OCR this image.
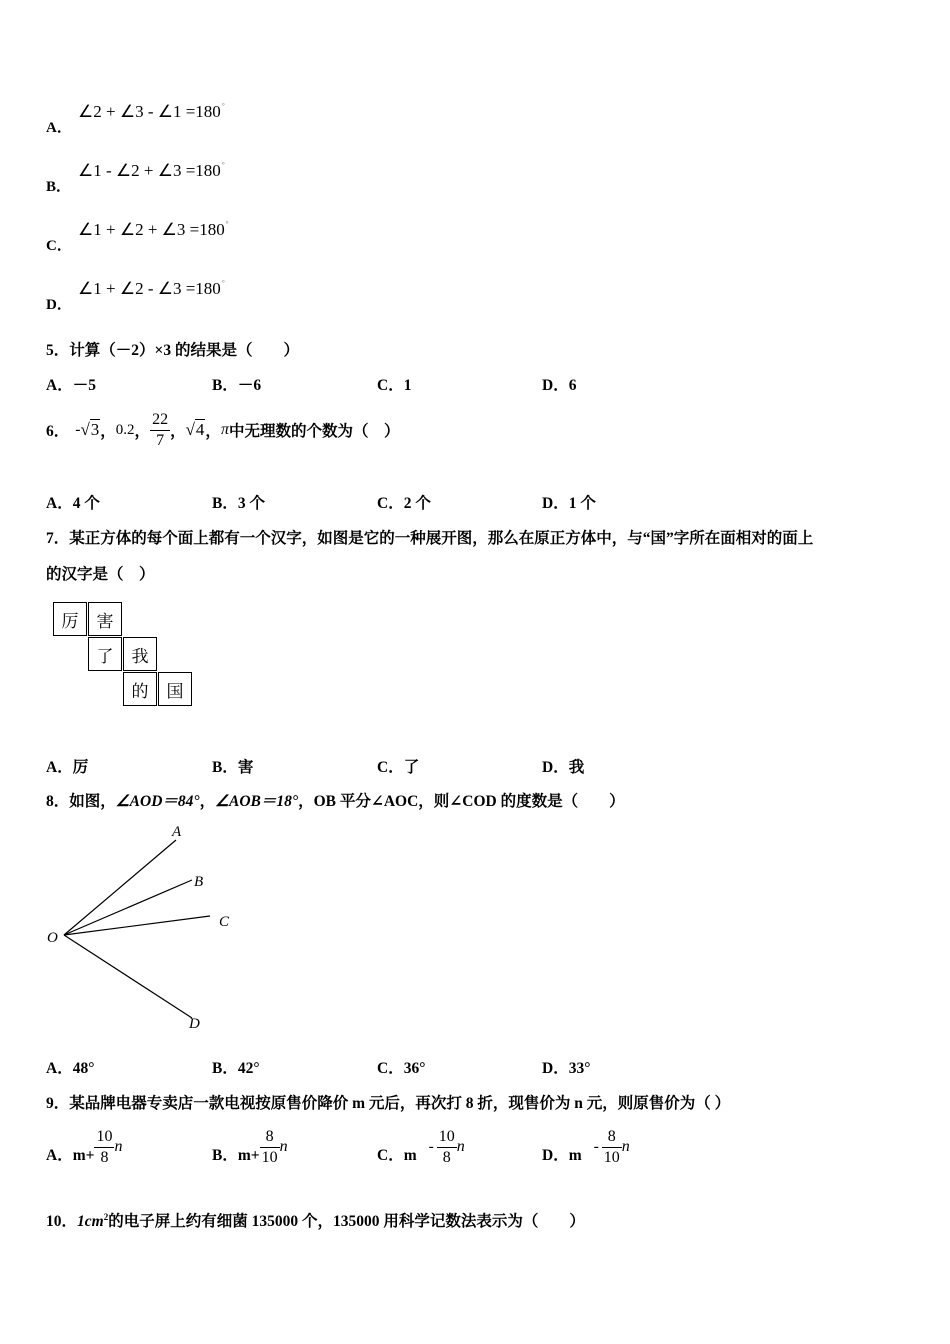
A．
∠2 + ∠3 - ∠1 =180°
B．
∠1 - ∠2 + ∠3 =180°
C．
∠1 + ∠2 + ∠3 =180°
D．
∠1 + ∠2 - ∠3 =180°
5．计算（－2）×3 的结果是（　　）
A．－5	B．－6	C．1	D．6
6． - √3 ， 0.2 ， $\frac{22}{7}$ ， √4 ， π 中无理数的个数为（　）
A．4 个	B．3 个	C．2 个	D．1 个
7．某正方体的每个面上都有一个汉字，如图是它的一种展开图，那么在原正方体中，与“国”字所在面相对的面上
的汉字是（　）
厉	害
了	我
的	国
A．厉	B．害	C．了	D．我
8．如图，∠AOD＝84°，∠AOB＝18°，OB 平分∠AOC，则∠COD 的度数是（　　）
A
B
C
D
O
A．48°	B．42°	C．36°	D．33°
9．某品牌电器专卖店一款电视按原售价降价 m 元后，再次打 8 折，现售价为 n 元，则原售价为（ ）
A．$m+ \frac{10}{8}$ n
B．$m+ \frac{8}{10}$ n
C．m
- $\frac{10}{8}$ n
D．m
- $\frac{8}{10}$ n
10．$1cm^2$的电子屏上约有细菌 135000 个，135000 用科学记数法表示为（　　）
